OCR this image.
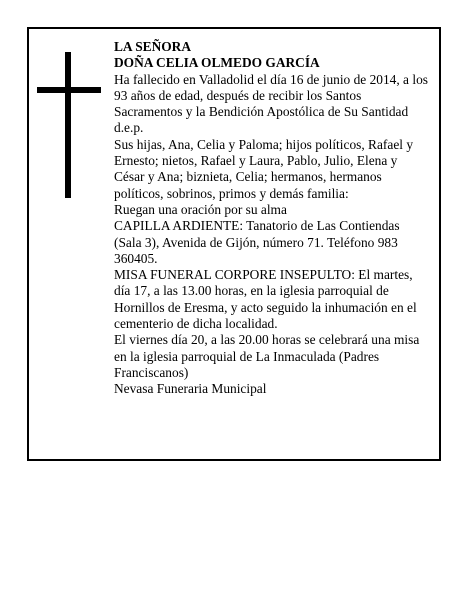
LA SEÑORA

DOÑA CELIA OLMEDO GARCÍA

Ha fallecido en Valladolid el día 16 de junio de 2014, a los 93 años de edad, después de recibir los Santos Sacramentos y la Bendición Apostólica de Su Santidad d.e.p.

Sus hijas, Ana, Celia y Paloma; hijos políticos, Rafael y Ernesto; nietos, Rafael y Laura, Pablo, Julio, Elena y César y Ana; biznieta, Celia; hermanos, hermanos políticos, sobrinos, primos y demás familia:

Ruegan una oración por su alma

CAPILLA ARDIENTE: Tanatorio de Las Contiendas (Sala 3), Avenida de Gijón, número 71. Teléfono 983 360405.

MISA FUNERAL CORPORE INSEPULTO: El martes, día 17, a las 13.00 horas, en la iglesia parroquial de Hornillos de Eresma, y acto seguido la inhumación en el cementerio de dicha localidad.

El viernes día 20, a las 20.00 horas se celebrará una misa en la iglesia parroquial de La Inmaculada (Padres Franciscanos)

Nevasa Funeraria Municipal
